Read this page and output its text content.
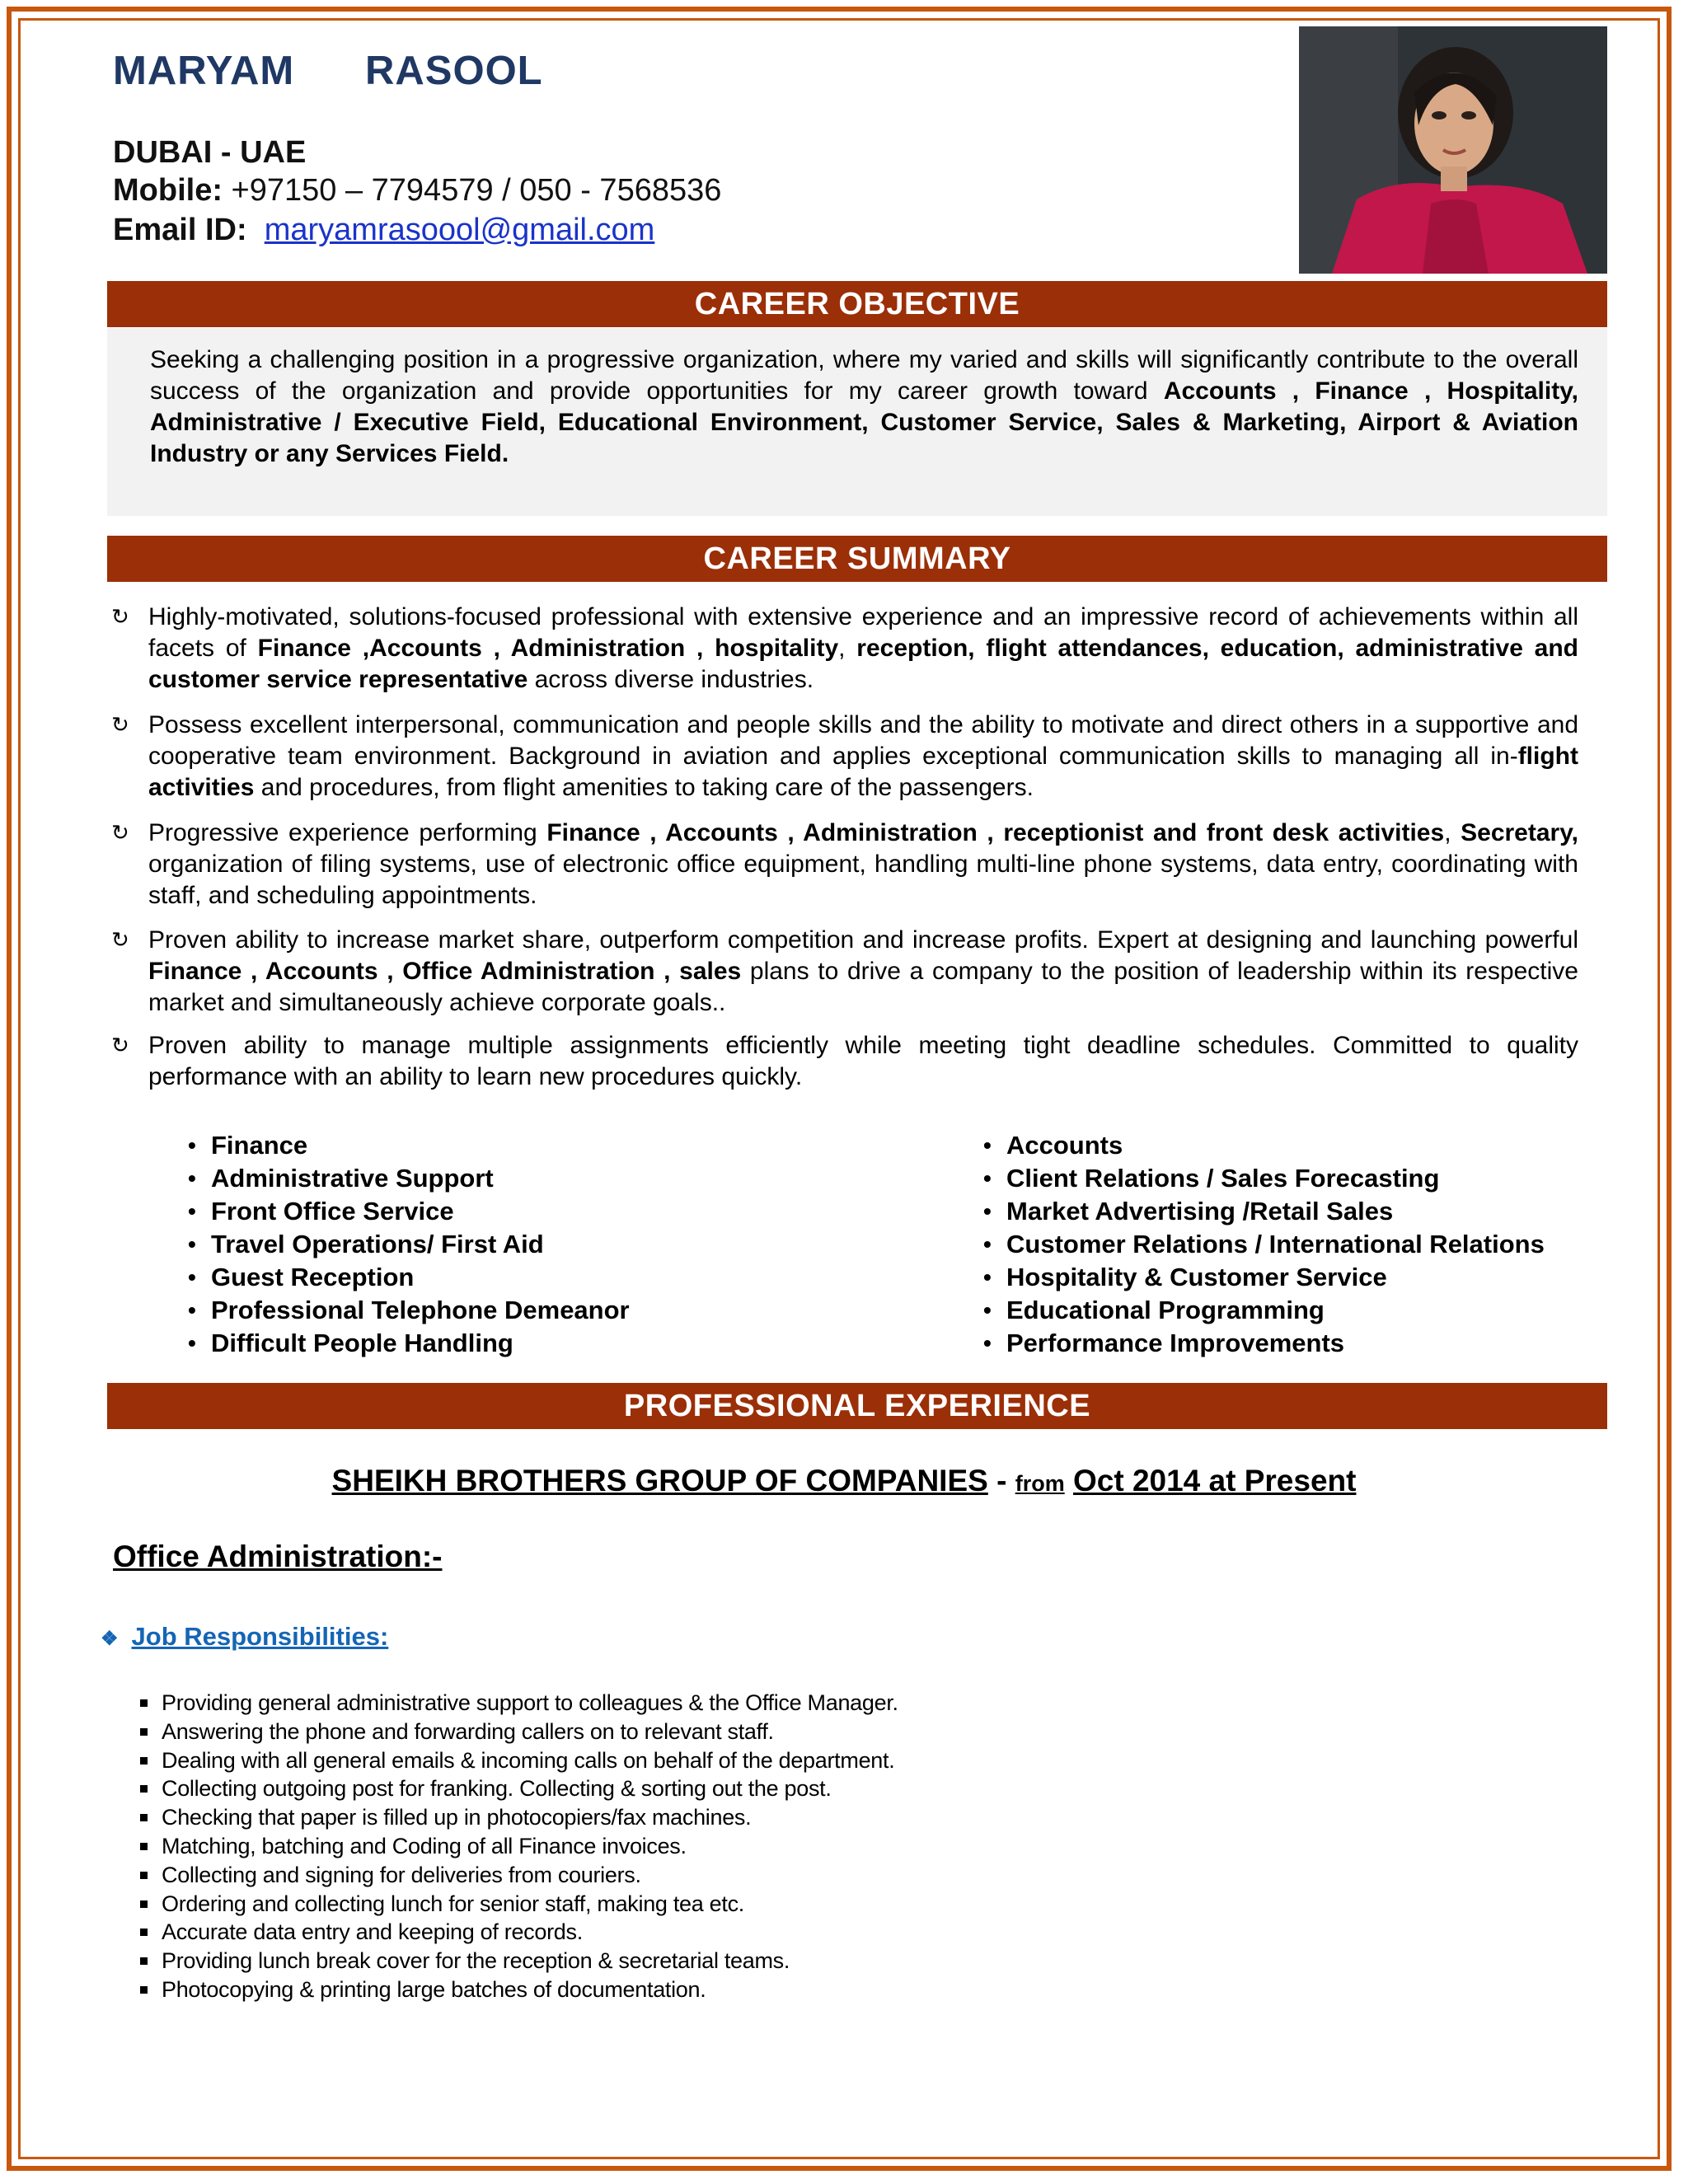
MARYAM   RASOOL
DUBAI - UAE
Mobile: +97150 – 7794579 / 050 - 7568536
Email ID: maryamrasoool@gmail.com
CAREER OBJECTIVE

Seeking a challenging position in a progressive organization, where my varied and skills will significantly contribute to the overall success of the organization and provide opportunities for my career growth toward Accounts , Finance , Hospitality, Administrative / Executive Field, Educational Environment, Customer Service, Sales & Marketing, Airport & Aviation Industry or any Services Field.

CAREER SUMMARY
↻ Highly-motivated, solutions-focused professional with extensive experience and an impressive record of achievements within all facets of Finance ,Accounts , Administration , hospitality, reception, flight attendances, education, administrative and customer service representative across diverse industries.
↻ Possess excellent interpersonal, communication and people skills and the ability to motivate and direct others in a supportive and cooperative team environment. Background in aviation and applies exceptional communication skills to managing all in-flight activities and procedures, from flight amenities to taking care of the passengers.
↻ Progressive experience performing Finance , Accounts , Administration , receptionist and front desk activities, Secretary, organization of filing systems, use of electronic office equipment, handling multi-line phone systems, data entry, coordinating with staff, and scheduling appointments.
↻ Proven ability to increase market share, outperform competition and increase profits. Expert at designing and launching powerful Finance , Accounts , Office Administration , sales plans to drive a company to the position of leadership within its respective market and simultaneously achieve corporate goals..
↻ Proven ability to manage multiple assignments efficiently while meeting tight deadline schedules. Committed to quality performance with an ability to learn new procedures quickly.
• Finance
• Administrative Support
• Front Office Service
• Travel Operations/ First Aid
• Guest Reception
• Professional Telephone Demeanor
• Difficult People Handling
• Accounts
• Client Relations / Sales Forecasting
• Market Advertising /Retail Sales
• Customer Relations / International Relations
• Hospitality & Customer Service
• Educational Programming
• Performance Improvements
PROFESSIONAL EXPERIENCE
SHEIKH BROTHERS GROUP OF COMPANIES - from Oct 2014 at Present
Office Administration:-
❖ Job Responsibilities:
Providing general administrative support to colleagues & the Office Manager.
Answering the phone and forwarding callers on to relevant staff.
Dealing with all general emails & incoming calls on behalf of the department.
Collecting outgoing post for franking. Collecting & sorting out the post.
Checking that paper is filled up in photocopiers/fax machines.
Matching, batching and Coding of all Finance invoices.
Collecting and signing for deliveries from couriers.
Ordering and collecting lunch for senior staff, making tea etc.
Accurate data entry and keeping of records.
Providing lunch break cover for the reception & secretarial teams.
Photocopying & printing large batches of documentation.
